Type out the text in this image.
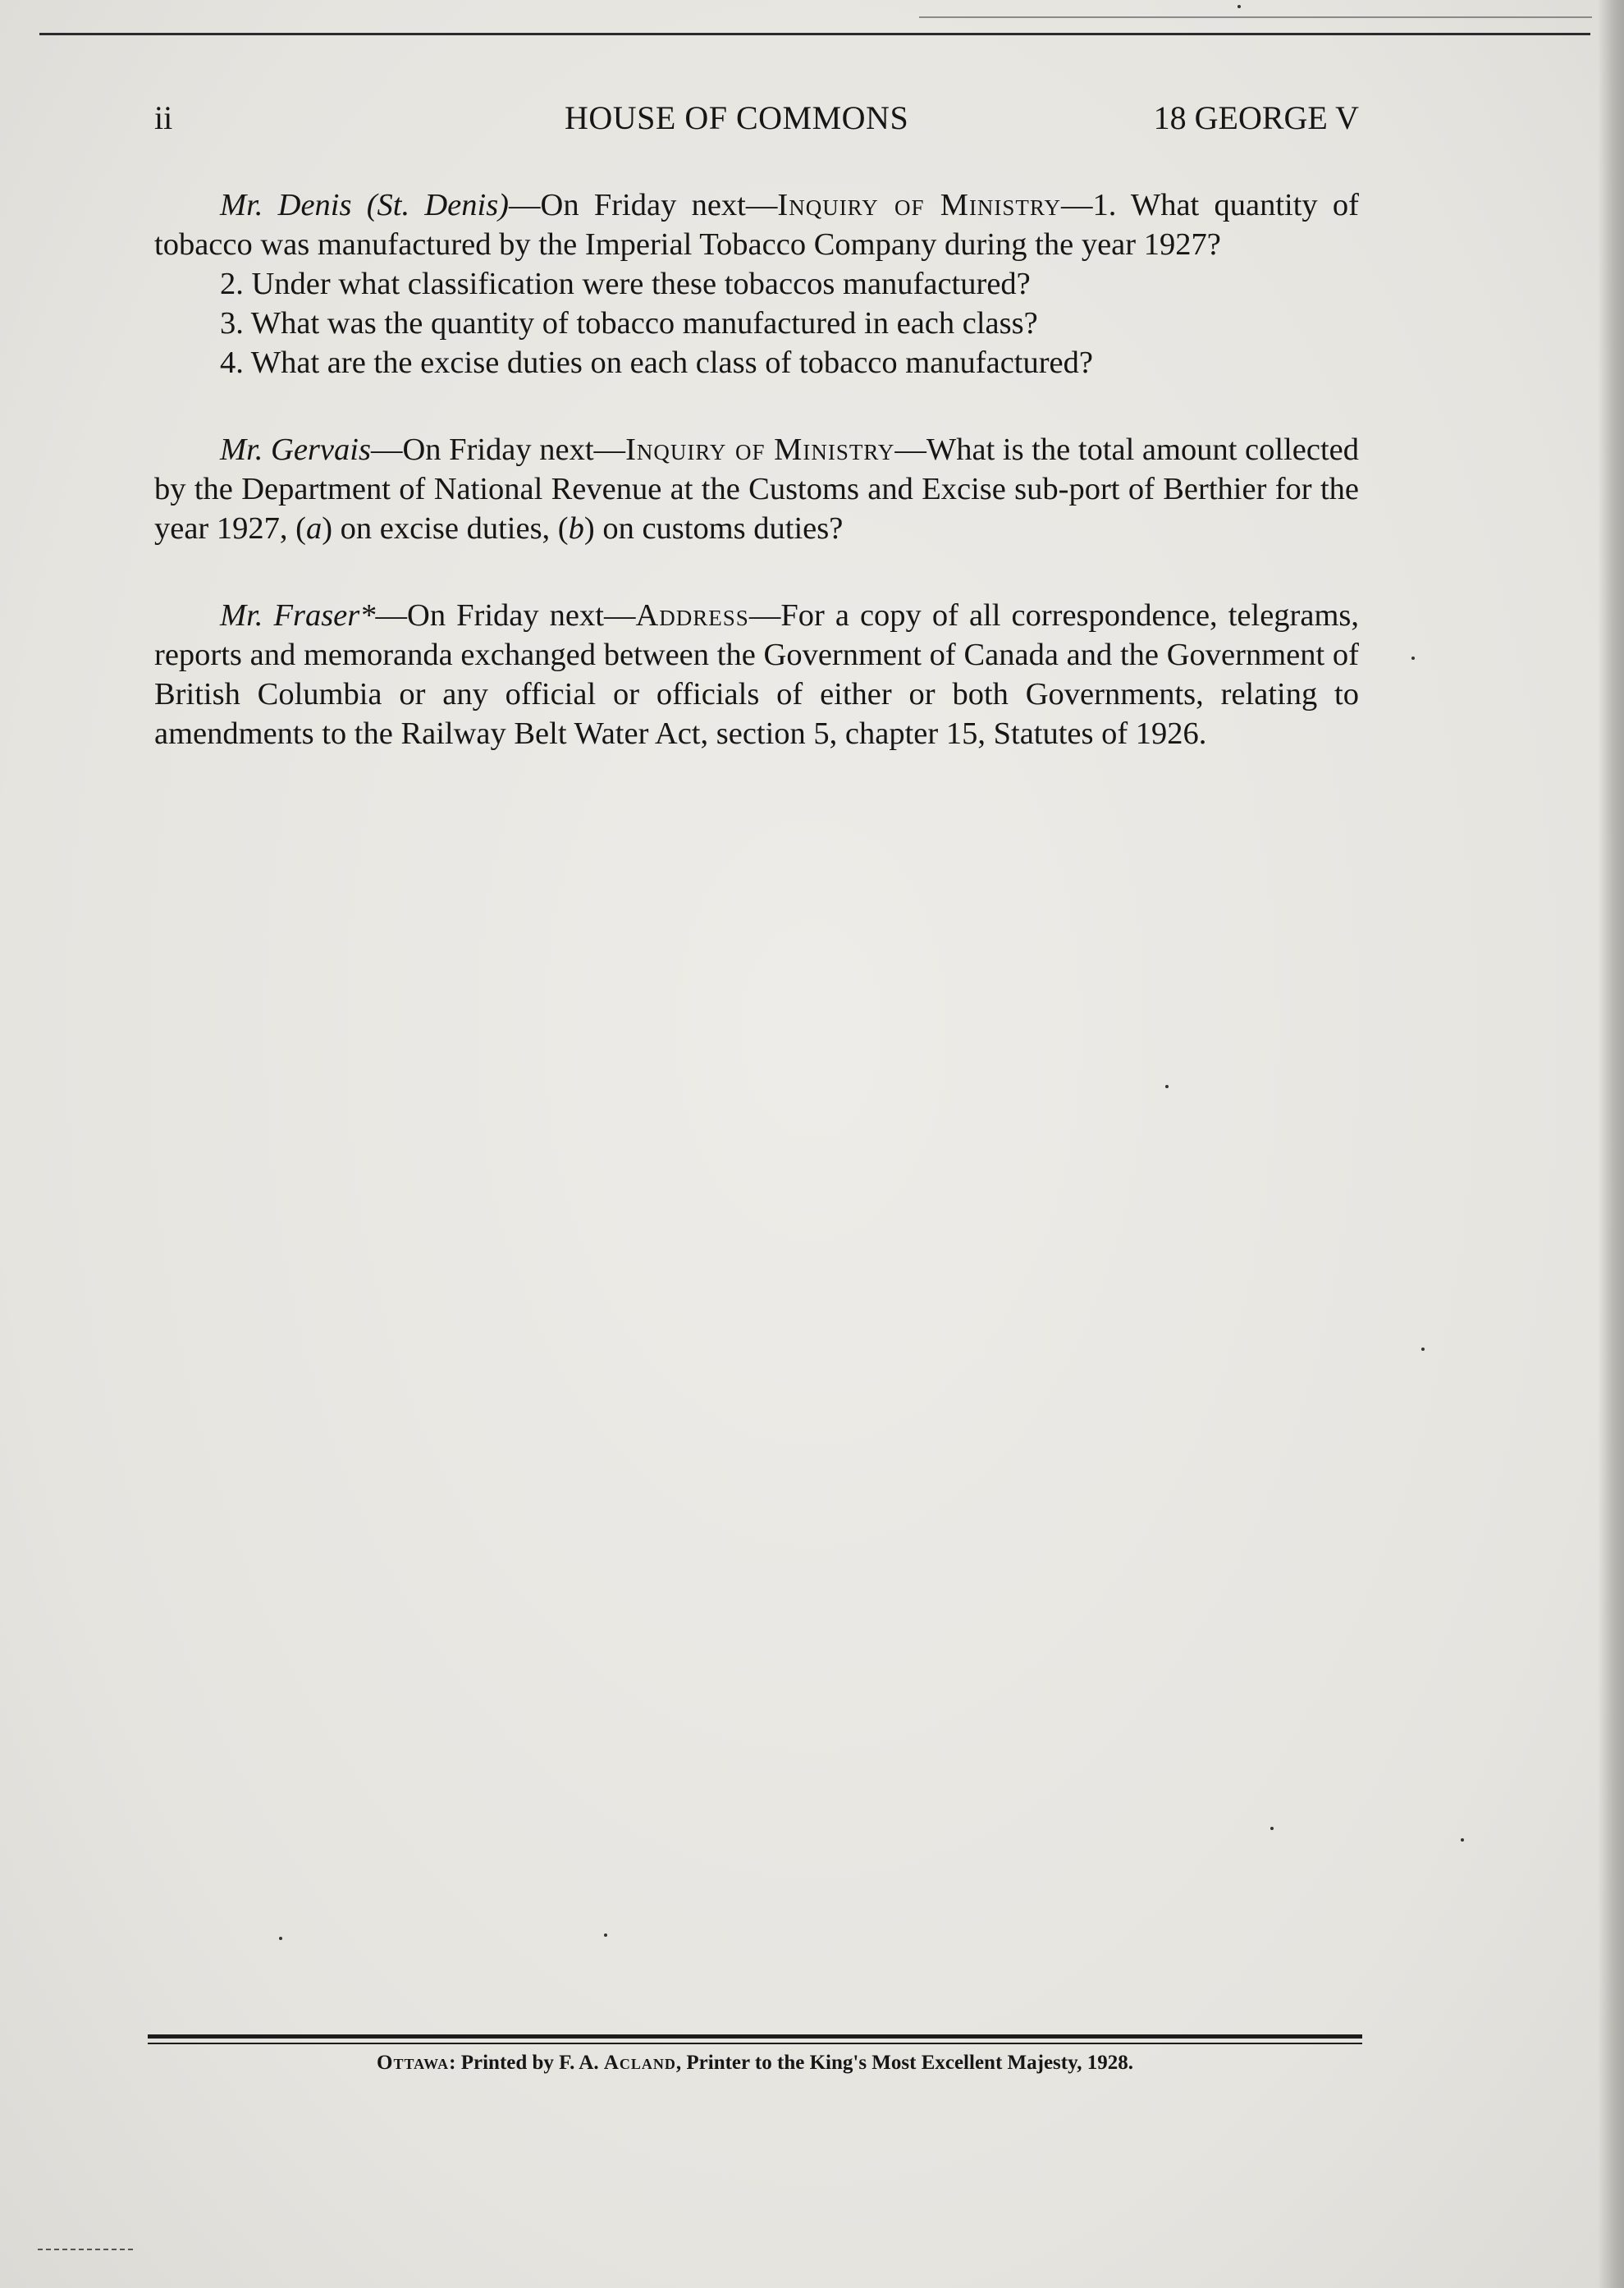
ii	HOUSE OF COMMONS	18 GEORGE V

Mr. Denis (St. Denis)—On Friday next—Inquiry of Ministry—1. What quantity of tobacco was manufactured by the Imperial Tobacco Company during the year 1927?

2. Under what classification were these tobaccos manufactured?

3. What was the quantity of tobacco manufactured in each class?

4. What are the excise duties on each class of tobacco manufactured?

Mr. Gervais—On Friday next—Inquiry of Ministry—What is the total amount collected by the Department of National Revenue at the Customs and Excise sub-port of Berthier for the year 1927, (a) on excise duties, (b) on customs duties?

Mr. Fraser*—On Friday next—Address—For a copy of all correspondence, telegrams, reports and memoranda exchanged between the Government of Canada and the Government of British Columbia or any official or officials of either or both Governments, relating to amendments to the Railway Belt Water Act, section 5, chapter 15, Statutes of 1926.

Ottawa: Printed by F. A. Acland, Printer to the King's Most Excellent Majesty, 1928.
